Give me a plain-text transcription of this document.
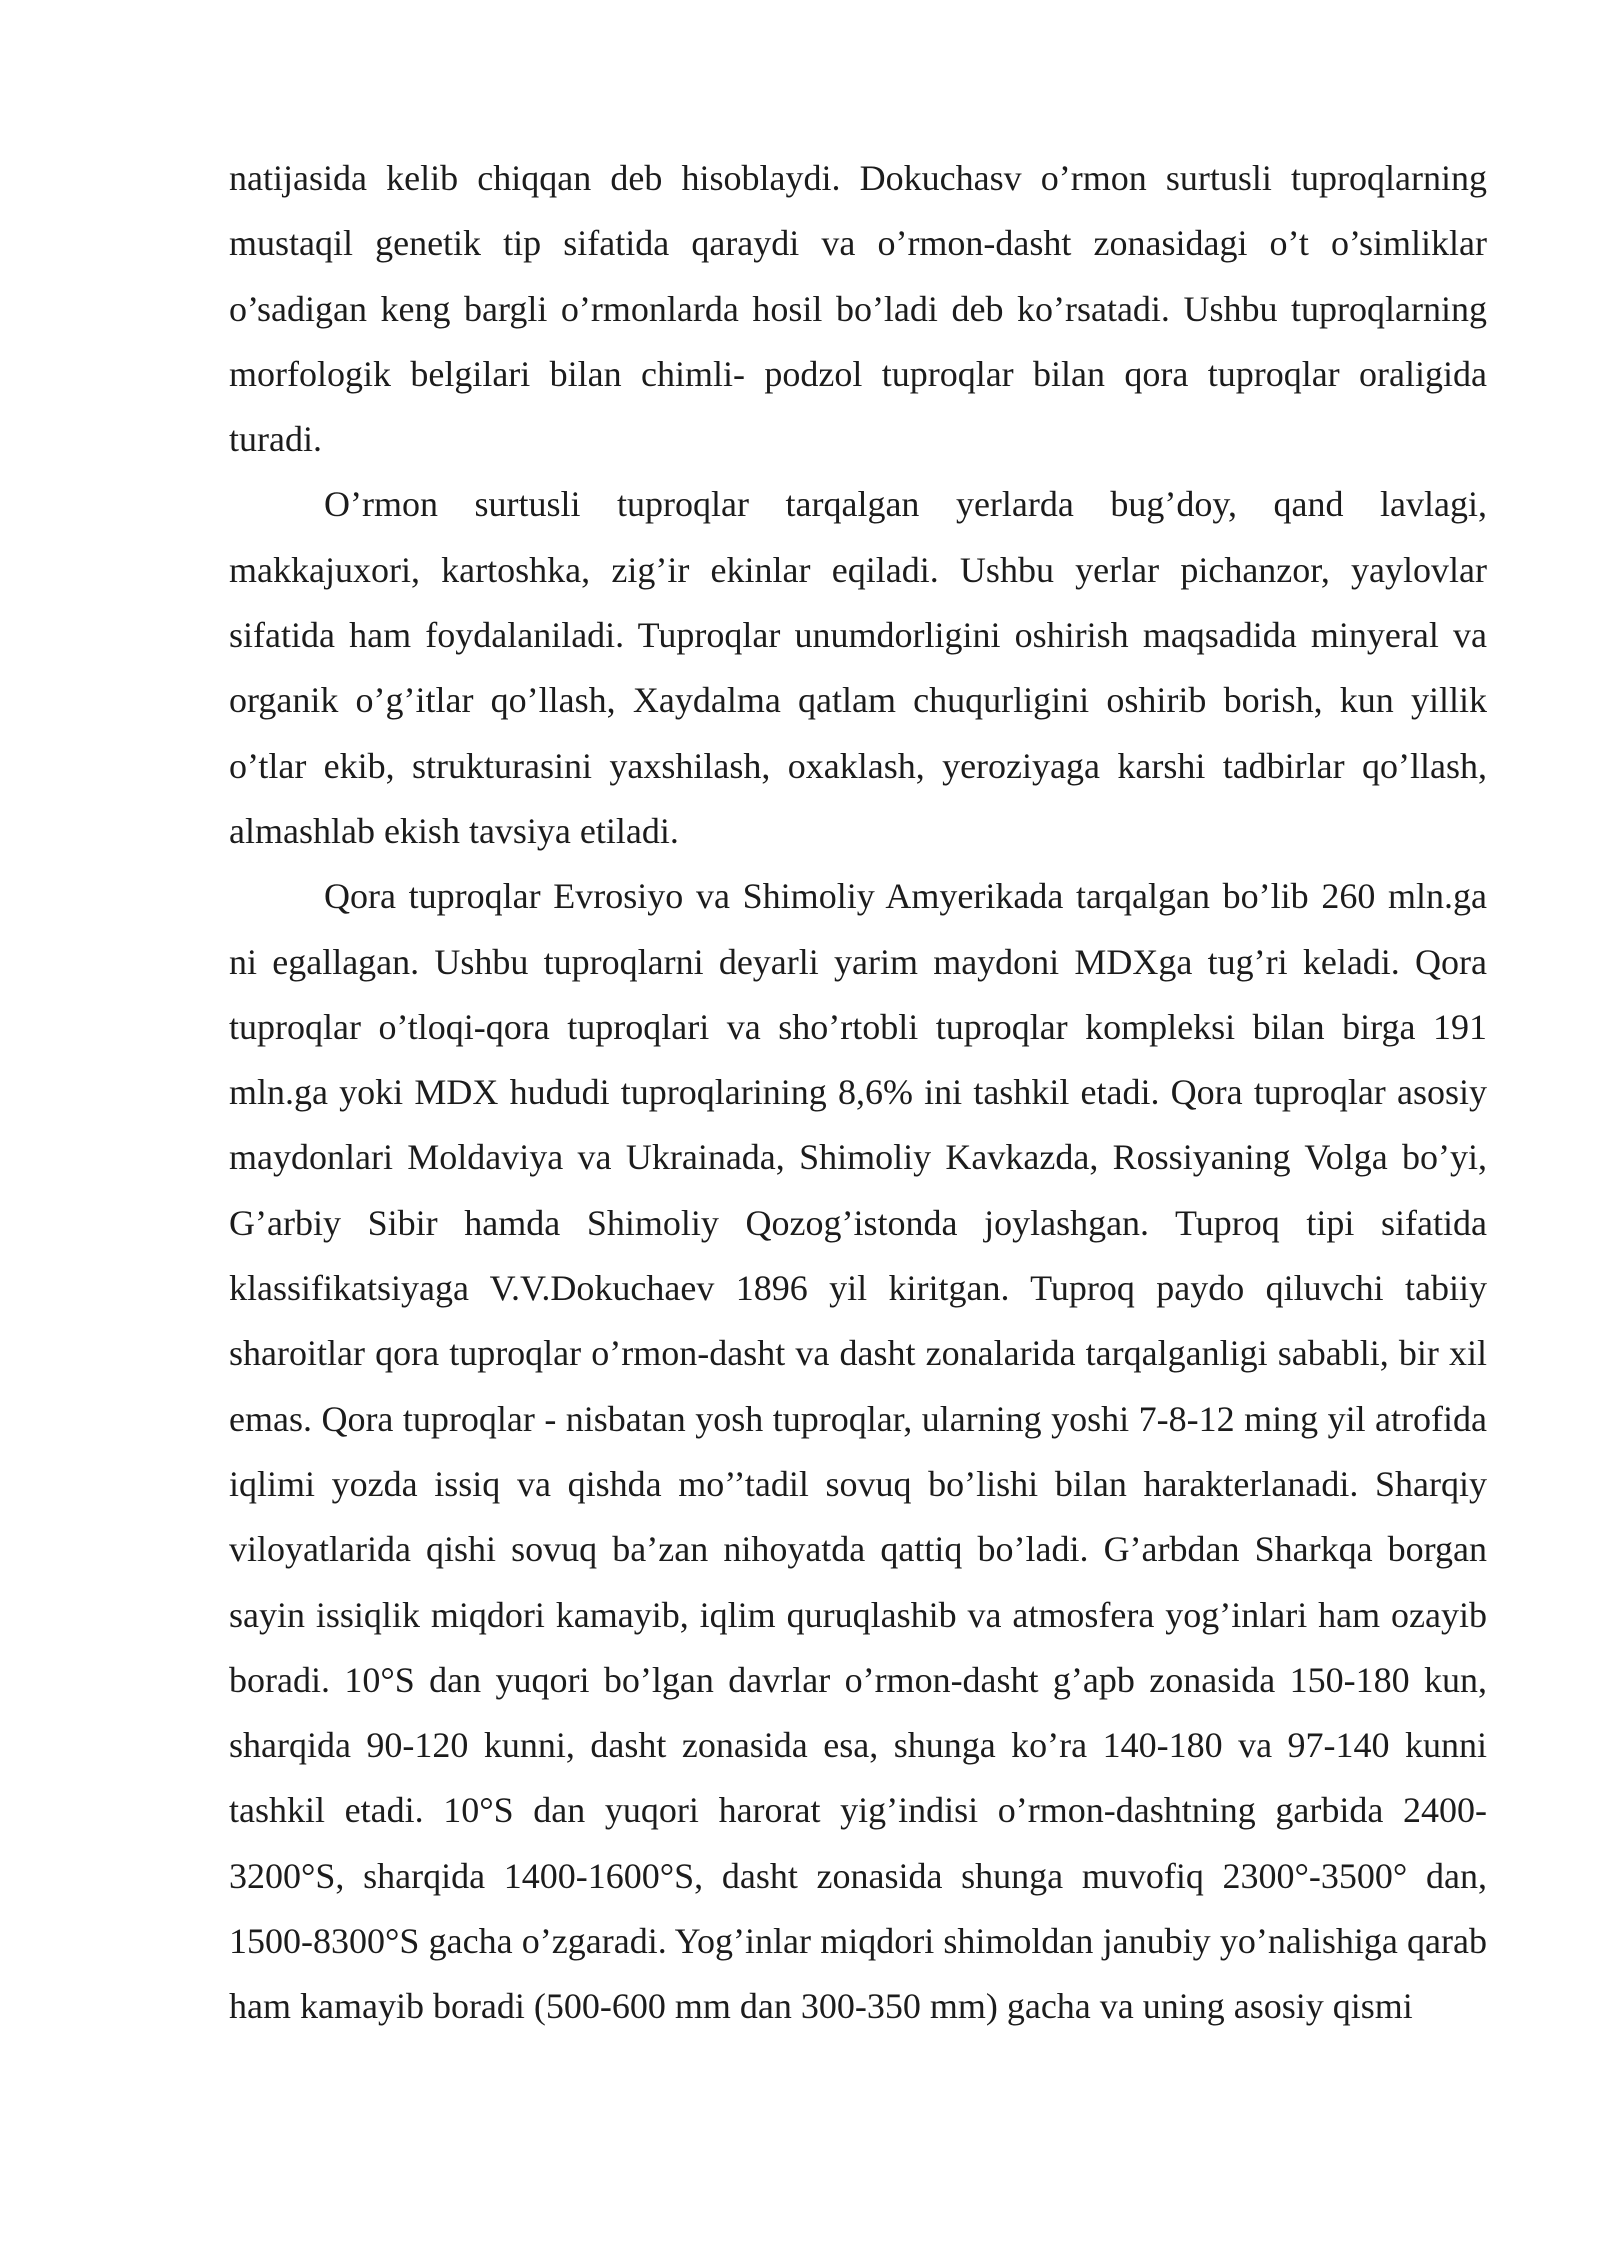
natijasida kelib chiqqan deb hisoblaydi. Dokuchasv o’rmon surtusli tuproqlarning mustaqil genetik tip sifatida qaraydi va o’rmon-dasht zonasidagi o’t o’simliklar o’sadigan keng bargli o’rmonlarda hosil bo’ladi deb ko’rsatadi. Ushbu tuproqlarning morfologik belgilari bilan chimli- podzol tuproqlar bilan qora tuproqlar oraligida turadi.

O’rmon surtusli tuproqlar tarqalgan yerlarda bug’doy, qand lavlagi, makkajuxori, kartoshka, zig’ir ekinlar eqiladi. Ushbu yerlar pichanzor, yaylovlar sifatida ham foydalaniladi. Tuproqlar unumdorligini oshirish maqsadida minyeral va organik o’g’itlar qo’llash, Xaydalma qatlam chuqurligini oshirib borish, kun yillik o’tlar ekib, strukturasini yaxshilash, oxaklash, yeroziyaga karshi tadbirlar qo’llash, almashlab ekish tavsiya etiladi.

Qora tuproqlar Evrosiyo va Shimoliy Amyerikada tarqalgan bo’lib 260 mln.ga ni egallagan. Ushbu tuproqlarni deyarli yarim maydoni MDXga tug’ri keladi. Qora tuproqlar o’tloqi-qora tuproqlari va sho’rtobli tuproqlar kompleksi bilan birga 191 mln.ga yoki MDX hududi tuproqlarining 8,6% ini tashkil etadi. Qora tuproqlar asosiy maydonlari Moldaviya va Ukrainada, Shimoliy Kavkazda, Rossiyaning Volga bo’yi, G’arbiy Sibir hamda Shimoliy Qozog’istonda joylashgan. Tuproq tipi sifatida klassifikatsiyaga V.V.Dokuchaev 1896 yil kiritgan. Tuproq paydo qiluvchi tabiiy sharoitlar qora tuproqlar o’rmon-dasht va dasht zonalarida tarqalganligi sababli, bir xil emas. Qora tuproqlar - nisbatan yosh tuproqlar, ularning yoshi 7-8-12 ming yil atrofida iqlimi yozda issiq va qishda mo’’tadil sovuq bo’lishi bilan harakterlanadi. Sharqiy viloyatlarida qishi sovuq ba’zan nihoyatda qattiq bo’ladi. G’arbdan Sharkqa borgan sayin issiqlik miqdori kamayib, iqlim quruqlashib va atmosfera yog’inlari ham ozayib boradi. 10°S dan yuqori bo’lgan davrlar o’rmon-dasht g’apb zonasida 150-180 kun, sharqida 90-120 kunni, dasht zonasida esa, shunga ko’ra 140-180 va 97-140 kunni tashkil etadi. 10°S dan yuqori harorat yig’indisi o’rmon-dashtning garbida 2400- 3200°S, sharqida 1400-1600°S, dasht zonasida shunga muvofiq 2300°-3500° dan, 1500-8300°S gacha o’zgaradi. Yog’inlar miqdori shimoldan janubiy yo’nalishiga qarab ham kamayib boradi (500-600 mm dan 300-350 mm) gacha va uning asosiy qismi
